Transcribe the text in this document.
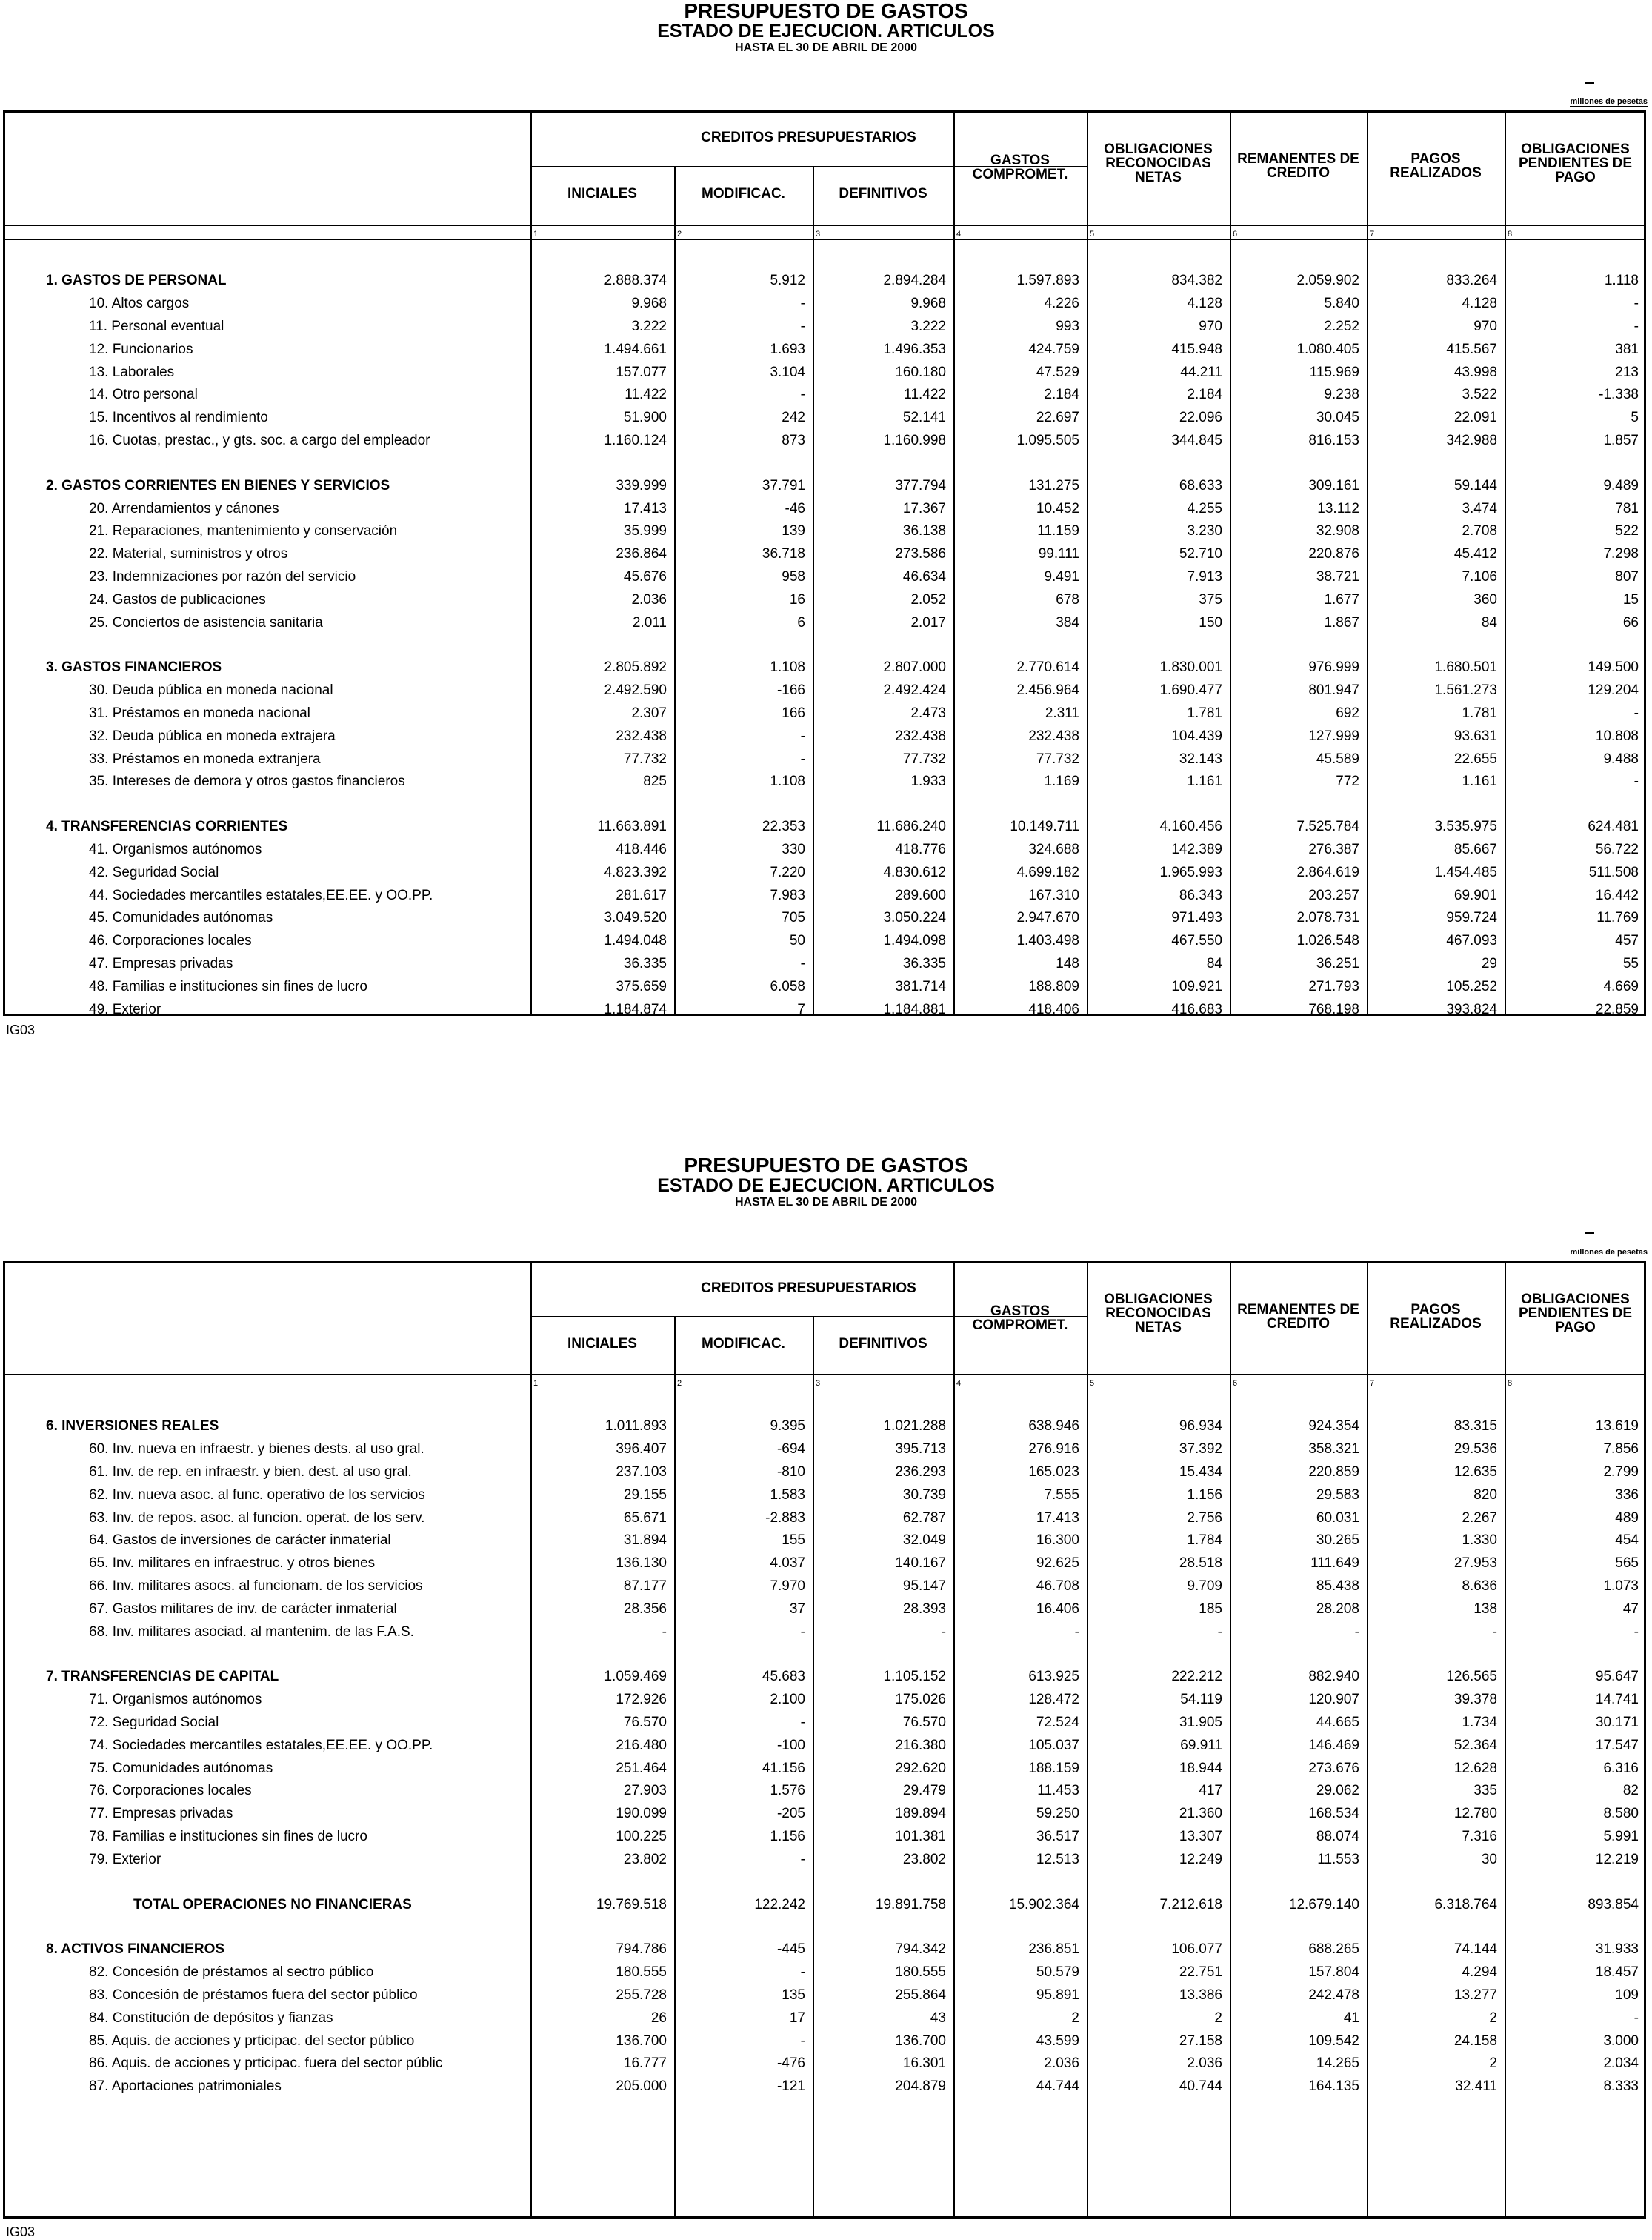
PRESUPUESTO DE GASTOS
ESTADO DE EJECUCION. ARTICULOS
HASTA EL 30 DE ABRIL DE 2000
millones de pesetas
CREDITOS PRESUPUESTARIOS
INICIALES	MODIFICAC.	DEFINITIVOS
GASTOS COMPROMET.
OBLIGACIONES RECONOCIDAS NETAS
REMANENTES DE CREDITO
PAGOS REALIZADOS
OBLIGACIONES PENDIENTES DE PAGO
1	2	3	4	5	6	7	8
1. GASTOS DE PERSONAL	2.888.374	5.912	2.894.284	1.597.893	834.382	2.059.902	833.264	1.118
10. Altos cargos	9.968	-	9.968	4.226	4.128	5.840	4.128	-
11. Personal eventual	3.222	-	3.222	993	970	2.252	970	-
12. Funcionarios	1.494.661	1.693	1.496.353	424.759	415.948	1.080.405	415.567	381
13. Laborales	157.077	3.104	160.180	47.529	44.211	115.969	43.998	213
14. Otro personal	11.422	-	11.422	2.184	2.184	9.238	3.522	-1.338
15. Incentivos al rendimiento	51.900	242	52.141	22.697	22.096	30.045	22.091	5
16. Cuotas, prestac., y gts. soc. a cargo del empleador	1.160.124	873	1.160.998	1.095.505	344.845	816.153	342.988	1.857

2. GASTOS CORRIENTES EN BIENES Y SERVICIOS	339.999	37.791	377.794	131.275	68.633	309.161	59.144	9.489
20. Arrendamientos y cánones	17.413	-46	17.367	10.452	4.255	13.112	3.474	781
21. Reparaciones, mantenimiento y conservación	35.999	139	36.138	11.159	3.230	32.908	2.708	522
22. Material, suministros y otros	236.864	36.718	273.586	99.111	52.710	220.876	45.412	7.298
23. Indemnizaciones por razón del servicio	45.676	958	46.634	9.491	7.913	38.721	7.106	807
24. Gastos de publicaciones	2.036	16	2.052	678	375	1.677	360	15
25. Conciertos de asistencia sanitaria	2.011	6	2.017	384	150	1.867	84	66

3. GASTOS FINANCIEROS	2.805.892	1.108	2.807.000	2.770.614	1.830.001	976.999	1.680.501	149.500
30. Deuda pública en moneda nacional	2.492.590	-166	2.492.424	2.456.964	1.690.477	801.947	1.561.273	129.204
31. Préstamos en moneda nacional	2.307	166	2.473	2.311	1.781	692	1.781	-
32. Deuda pública en moneda extrajera	232.438	-	232.438	232.438	104.439	127.999	93.631	10.808
33. Préstamos en moneda extranjera	77.732	-	77.732	77.732	32.143	45.589	22.655	9.488
35. Intereses de demora y otros gastos financieros	825	1.108	1.933	1.169	1.161	772	1.161	-

4. TRANSFERENCIAS CORRIENTES	11.663.891	22.353	11.686.240	10.149.711	4.160.456	7.525.784	3.535.975	624.481
41. Organismos autónomos	418.446	330	418.776	324.688	142.389	276.387	85.667	56.722
42. Seguridad Social	4.823.392	7.220	4.830.612	4.699.182	1.965.993	2.864.619	1.454.485	511.508
44. Sociedades mercantiles estatales,EE.EE. y OO.PP.	281.617	7.983	289.600	167.310	86.343	203.257	69.901	16.442
45. Comunidades autónomas	3.049.520	705	3.050.224	2.947.670	971.493	2.078.731	959.724	11.769
46. Corporaciones locales	1.494.048	50	1.494.098	1.403.498	467.550	1.026.548	467.093	457
47. Empresas privadas	36.335	-	36.335	148	84	36.251	29	55
48. Familias e instituciones sin fines de lucro	375.659	6.058	381.714	188.809	109.921	271.793	105.252	4.669
49. Exterior	1.184.874	7	1.184.881	418.406	416.683	768.198	393.824	22.859
IG03
PRESUPUESTO DE GASTOS
ESTADO DE EJECUCION. ARTICULOS
HASTA EL 30 DE ABRIL DE 2000
millones de pesetas
CREDITOS PRESUPUESTARIOS
INICIALES	MODIFICAC.	DEFINITIVOS
GASTOS COMPROMET.
OBLIGACIONES RECONOCIDAS NETAS
REMANENTES DE CREDITO
PAGOS REALIZADOS
OBLIGACIONES PENDIENTES DE PAGO
1	2	3	4	5	6	7	8
6. INVERSIONES REALES	1.011.893	9.395	1.021.288	638.946	96.934	924.354	83.315	13.619
60. Inv. nueva en infraestr. y bienes dests. al uso gral.	396.407	-694	395.713	276.916	37.392	358.321	29.536	7.856
61. Inv. de rep. en infraestr. y bien. dest. al uso gral.	237.103	-810	236.293	165.023	15.434	220.859	12.635	2.799
62. Inv. nueva asoc. al func. operativo de los servicios	29.155	1.583	30.739	7.555	1.156	29.583	820	336
63. Inv. de repos. asoc. al funcion. operat. de los serv.	65.671	-2.883	62.787	17.413	2.756	60.031	2.267	489
64. Gastos de inversiones de carácter inmaterial	31.894	155	32.049	16.300	1.784	30.265	1.330	454
65. Inv. militares en infraestruc. y otros bienes	136.130	4.037	140.167	92.625	28.518	111.649	27.953	565
66. Inv. militares asocs. al funcionam. de los servicios	87.177	7.970	95.147	46.708	9.709	85.438	8.636	1.073
67. Gastos militares de inv. de carácter inmaterial	28.356	37	28.393	16.406	185	28.208	138	47
68. Inv. militares asociad. al mantenim. de las F.A.S.	-	-	-	-	-	-	-	-

7. TRANSFERENCIAS DE CAPITAL	1.059.469	45.683	1.105.152	613.925	222.212	882.940	126.565	95.647
71. Organismos autónomos	172.926	2.100	175.026	128.472	54.119	120.907	39.378	14.741
72. Seguridad Social	76.570	-	76.570	72.524	31.905	44.665	1.734	30.171
74. Sociedades mercantiles estatales,EE.EE. y OO.PP.	216.480	-100	216.380	105.037	69.911	146.469	52.364	17.547
75. Comunidades autónomas	251.464	41.156	292.620	188.159	18.944	273.676	12.628	6.316
76. Corporaciones locales	27.903	1.576	29.479	11.453	417	29.062	335	82
77. Empresas privadas	190.099	-205	189.894	59.250	21.360	168.534	12.780	8.580
78. Familias e instituciones sin fines de lucro	100.225	1.156	101.381	36.517	13.307	88.074	7.316	5.991
79. Exterior	23.802	-	23.802	12.513	12.249	11.553	30	12.219

TOTAL OPERACIONES NO FINANCIERAS	19.769.518	122.242	19.891.758	15.902.364	7.212.618	12.679.140	6.318.764	893.854

8. ACTIVOS FINANCIEROS	794.786	-445	794.342	236.851	106.077	688.265	74.144	31.933
82. Concesión de préstamos al sectro público	180.555	-	180.555	50.579	22.751	157.804	4.294	18.457
83. Concesión de préstamos fuera del sector público	255.728	135	255.864	95.891	13.386	242.478	13.277	109
84. Constitución de depósitos y fianzas	26	17	43	2	2	41	2	-
85. Aquis. de acciones y prticipac. del sector público	136.700	-	136.700	43.599	27.158	109.542	24.158	3.000
86. Aquis. de acciones y prticipac. fuera del sector públic	16.777	-476	16.301	2.036	2.036	14.265	2	2.034
87. Aportaciones patrimoniales	205.000	-121	204.879	44.744	40.744	164.135	32.411	8.333
IG03
